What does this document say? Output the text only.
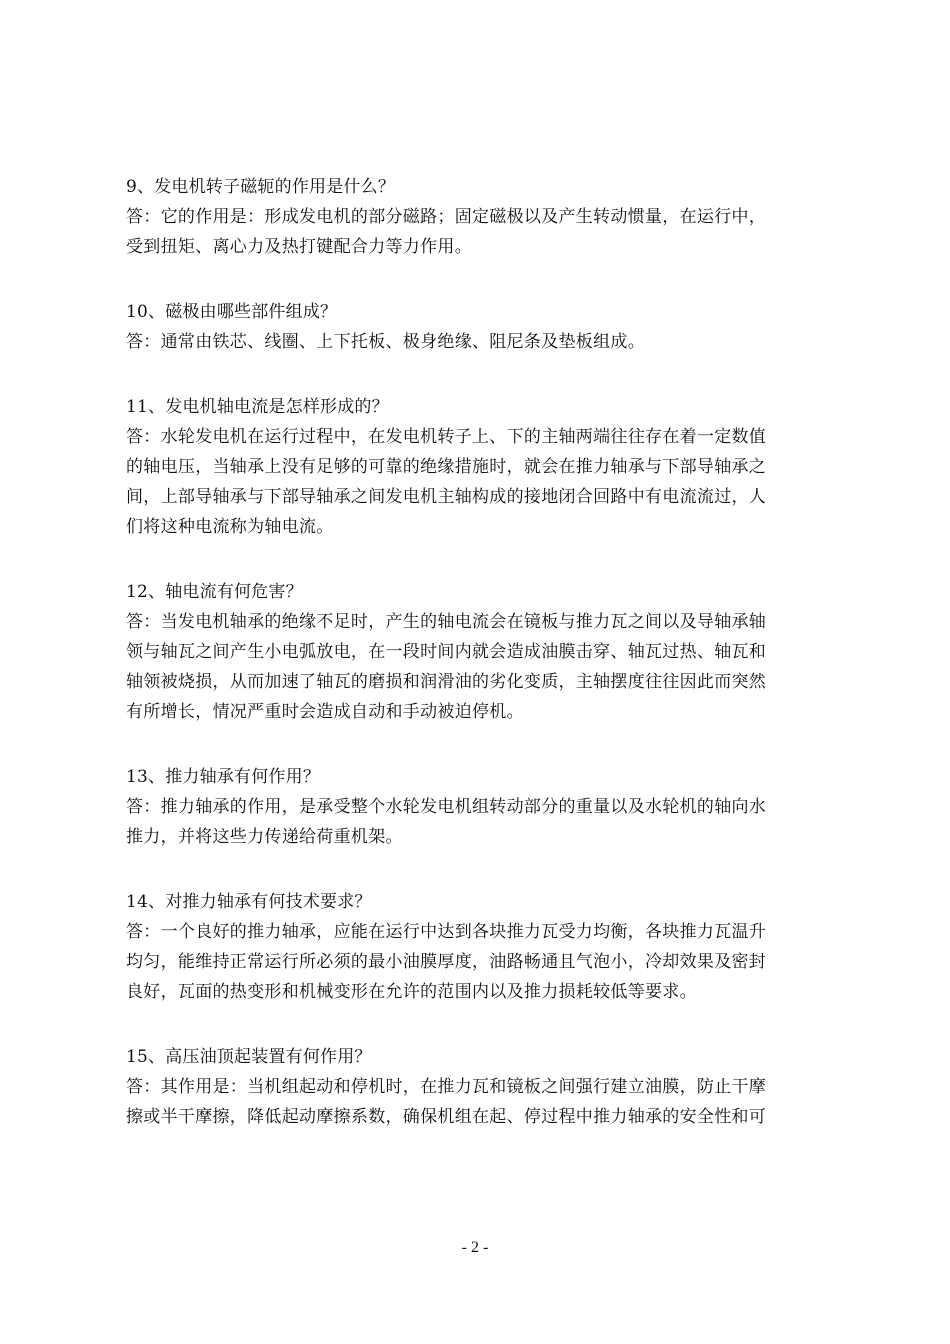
9、发电机转子磁轭的作用是什么？

答：它的作用是：形成发电机的部分磁路；固定磁极以及产生转动惯量，在运行中，

受到扭矩、离心力及热打键配合力等力作用。

10、磁极由哪些部件组成？

答：通常由铁芯、线圈、上下托板、极身绝缘、阻尼条及垫板组成。

11、发电机轴电流是怎样形成的？

答：水轮发电机在运行过程中，在发电机转子上、下的主轴两端往往存在着一定数值

的轴电压，当轴承上没有足够的可靠的绝缘措施时，就会在推力轴承与下部导轴承之

间，上部导轴承与下部导轴承之间发电机主轴构成的接地闭合回路中有电流流过，人

们将这种电流称为轴电流。

12、轴电流有何危害？

答：当发电机轴承的绝缘不足时，产生的轴电流会在镜板与推力瓦之间以及导轴承轴

领与轴瓦之间产生小电弧放电，在一段时间内就会造成油膜击穿、轴瓦过热、轴瓦和

轴领被烧损，从而加速了轴瓦的磨损和润滑油的劣化变质，主轴摆度往往因此而突然

有所增长，情况严重时会造成自动和手动被迫停机。

13、推力轴承有何作用？

答：推力轴承的作用，是承受整个水轮发电机组转动部分的重量以及水轮机的轴向水

推力，并将这些力传递给荷重机架。

14、对推力轴承有何技术要求？

答：一个良好的推力轴承，应能在运行中达到各块推力瓦受力均衡，各块推力瓦温升

均匀，能维持正常运行所必须的最小油膜厚度，油路畅通且气泡小，冷却效果及密封

良好，瓦面的热变形和机械变形在允许的范围内以及推力损耗较低等要求。

15、高压油顶起装置有何作用？

答：其作用是：当机组起动和停机时，在推力瓦和镜板之间强行建立油膜，防止干摩

擦或半干摩擦，降低起动摩擦系数，确保机组在起、停过程中推力轴承的安全性和可

- 2 -
